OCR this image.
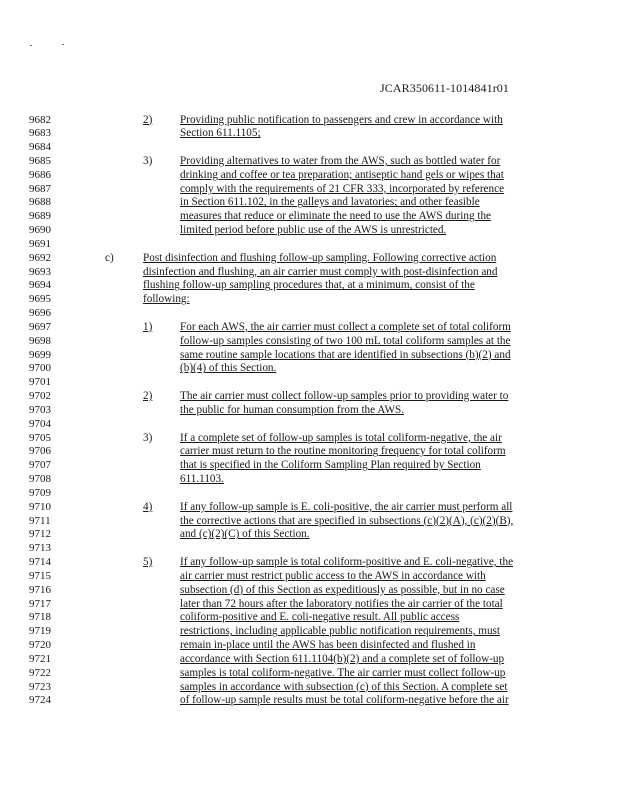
JCAR350611-1014841r01
9682	2) Providing public notification to passengers and crew in accordance with
9683	Section 611.1105;
9684
9685	3) Providing alternatives to water from the AWS, such as bottled water for
9686	drinking and coffee or tea preparation; antiseptic hand gels or wipes that
9687	comply with the requirements of 21 CFR 333, incorporated by reference
9688	in Section 611.102, in the galleys and lavatories; and other feasible
9689	measures that reduce or eliminate the need to use the AWS during the
9690	limited period before public use of the AWS is unrestricted.
9691
9692	c)	Post disinfection and flushing follow-up sampling. Following corrective action
9693	disinfection and flushing, an air carrier must comply with post-disinfection and
9694	flushing follow-up sampling procedures that, at a minimum, consist of the
9695	following:
9696
9697	1) For each AWS, the air carrier must collect a complete set of total coliform
9698	follow-up samples consisting of two 100 mL total coliform samples at the
9699	same routine sample locations that are identified in subsections (b)(2) and
9700	(b)(4) of this Section.
9701
9702	2) The air carrier must collect follow-up samples prior to providing water to
9703	the public for human consumption from the AWS.
9704
9705	3) If a complete set of follow-up samples is total coliform-negative, the air
9706	carrier must return to the routine monitoring frequency for total coliform
9707	that is specified in the Coliform Sampling Plan required by Section
9708	611.1103.
9709
9710	4) If any follow-up sample is E. coli-positive, the air carrier must perform all
9711	the corrective actions that are specified in subsections (c)(2)(A), (c)(2)(B),
9712	and (c)(2)(C) of this Section.
9713
9714	5) If any follow-up sample is total coliform-positive and E. coli-negative, the
9715	air carrier must restrict public access to the AWS in accordance with
9716	subsection (d) of this Section as expeditiously as possible, but in no case
9717	later than 72 hours after the laboratory notifies the air carrier of the total
9718	coliform-positive and E. coli-negative result. All public access
9719	restrictions, including applicable public notification requirements, must
9720	remain in-place until the AWS has been disinfected and flushed in
9721	accordance with Section 611.1104(b)(2) and a complete set of follow-up
9722	samples is total coliform-negative. The air carrier must collect follow-up
9723	samples in accordance with subsection (c) of this Section. A complete set
9724	of follow-up sample results must be total coliform-negative before the air
